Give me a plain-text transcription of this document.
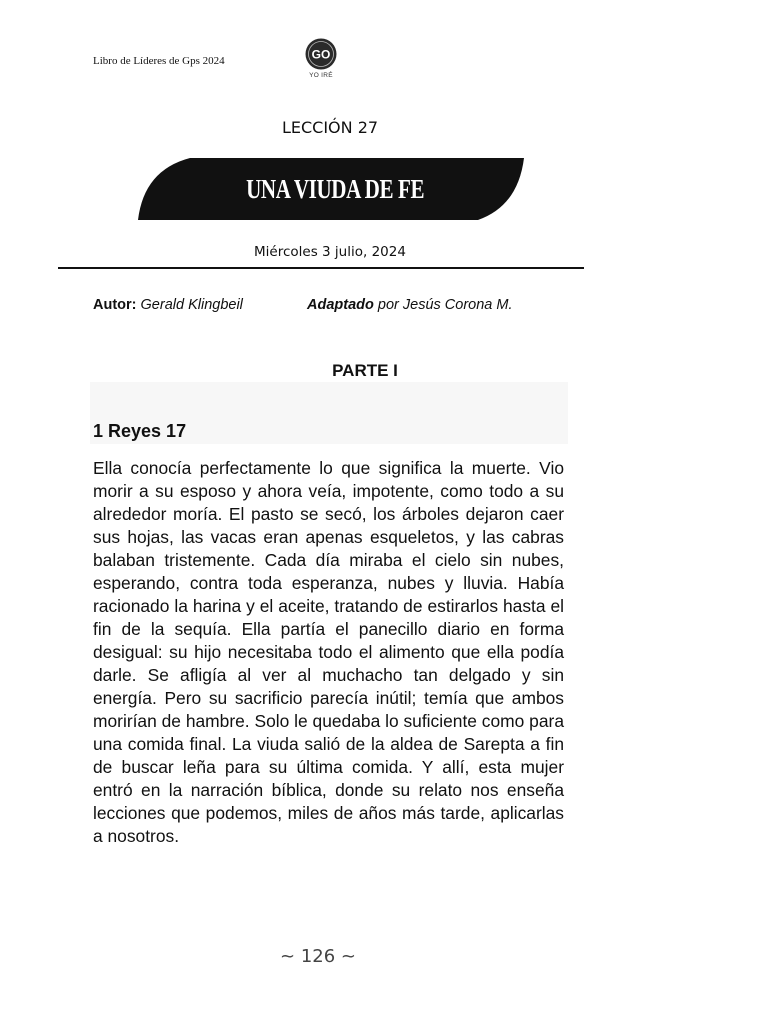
Libro de Líderes de Gps 2024	GO
YO IRÉ
LECCIÓN 27
UNA VIUDA DE FE
Miércoles 3 julio, 2024
Autor: Gerald Klingbeil	Adaptado por Jesús Corona M.
PARTE I
1 Reyes 17

Ella conocía perfectamente lo que significa la muerte. Vio morir a su esposo y ahora veía, impotente, como todo a su alrededor moría. El pasto se secó, los árboles dejaron caer sus hojas, las vacas eran apenas esqueletos, y las cabras balaban tristemente. Cada día miraba el cielo sin nubes, esperando, contra toda esperanza, nubes y lluvia. Había racionado la harina y el aceite, tratando de estirarlos hasta el fin de la sequía. Ella partía el panecillo diario en forma desigual: su hijo necesitaba todo el alimento que ella podía darle. Se afligía al ver al muchacho tan delgado y sin energía. Pero su sacrificio parecía inútil; temía que ambos morirían de hambre. Solo le quedaba lo suficiente como para una comida final. La viuda salió de la aldea de Sarepta a fin de buscar leña para su última comida. Y allí, esta mujer entró en la narración bíblica, donde su relato nos enseña lecciones que podemos, miles de años más tarde, aplicarlas a nosotros.

~ 126 ~
